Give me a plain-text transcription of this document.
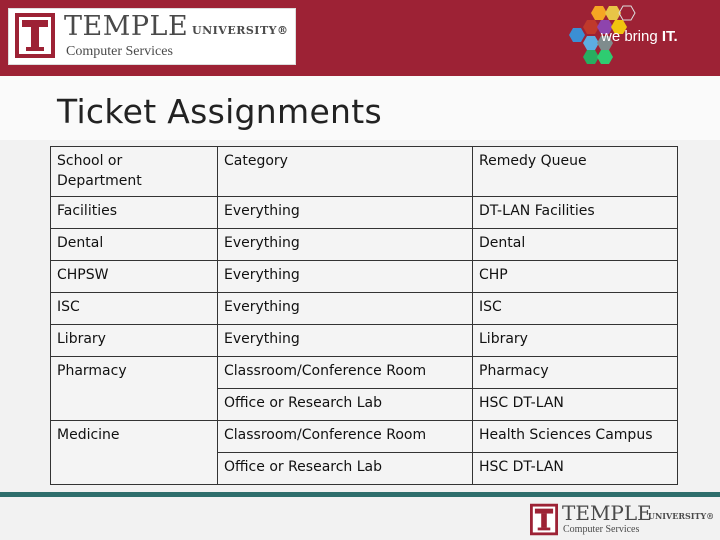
TEMPLE UNIVERSITY®
Computer Services
we bring IT.
Ticket Assignments
School or Department	Category	Remedy Queue
Facilities	Everything	DT-LAN Facilities
Dental	Everything	Dental
CHPSW	Everything	CHP
ISC	Everything	ISC
Library	Everything	Library
Pharmacy	Classroom/Conference Room	Pharmacy
	Office or Research Lab	HSC DT-LAN
Medicine	Classroom/Conference Room	Health Sciences Campus
	Office or Research Lab	HSC DT-LAN
TEMPLE
UNIVERSITY®
Computer Services
